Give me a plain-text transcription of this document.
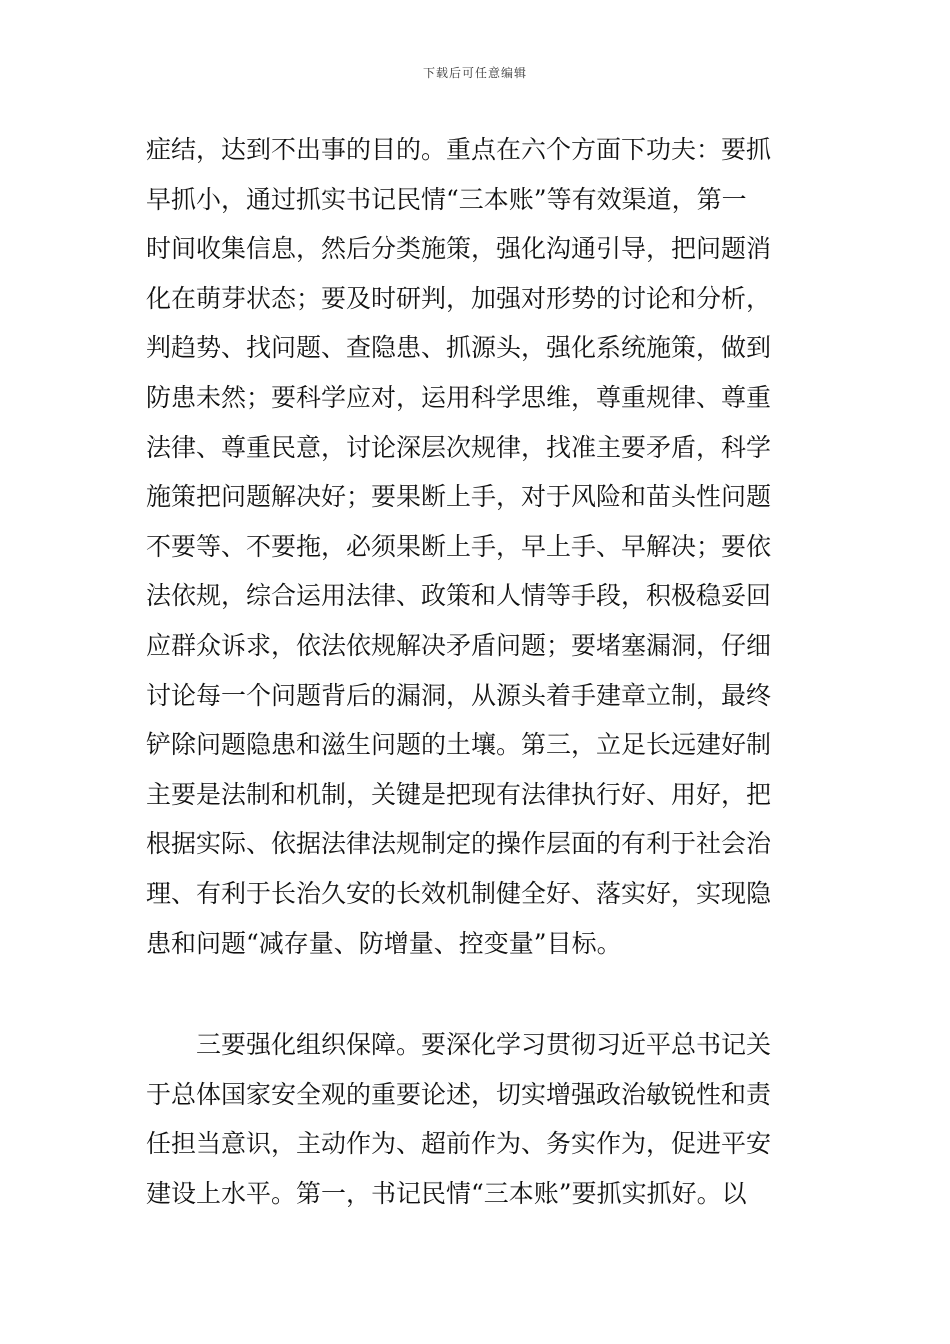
下载后可任意编辑
症结，达到不出事的目的。重点在六个方面下功夫：要抓
早抓小，通过抓实书记民情“三本账”等有效渠道，第一
时间收集信息，然后分类施策，强化沟通引导，把问题消
化在萌芽状态；要及时研判，加强对形势的讨论和分析，
判趋势、找问题、查隐患、抓源头，强化系统施策，做到
防患未然；要科学应对，运用科学思维，尊重规律、尊重
法律、尊重民意，讨论深层次规律，找准主要矛盾，科学
施策把问题解决好；要果断上手，对于风险和苗头性问题
不要等、不要拖，必须果断上手，早上手、早解决；要依
法依规，综合运用法律、政策和人情等手段，积极稳妥回
应群众诉求，依法依规解决矛盾问题；要堵塞漏洞，仔细
讨论每一个问题背后的漏洞，从源头着手建章立制，最终
铲除问题隐患和滋生问题的土壤。第三，立足长远建好制
主要是法制和机制，关键是把现有法律执行好、用好，把
根据实际、依据法律法规制定的操作层面的有利于社会治
理、有利于长治久安的长效机制健全好、落实好，实现隐
患和问题“减存量、防增量、控变量”目标。
三要强化组织保障。要深化学习贯彻习近平总书记关
于总体国家安全观的重要论述，切实增强政治敏锐性和责
任担当意识，主动作为、超前作为、务实作为，促进平安
建设上水平。第一，书记民情“三本账”要抓实抓好。以
